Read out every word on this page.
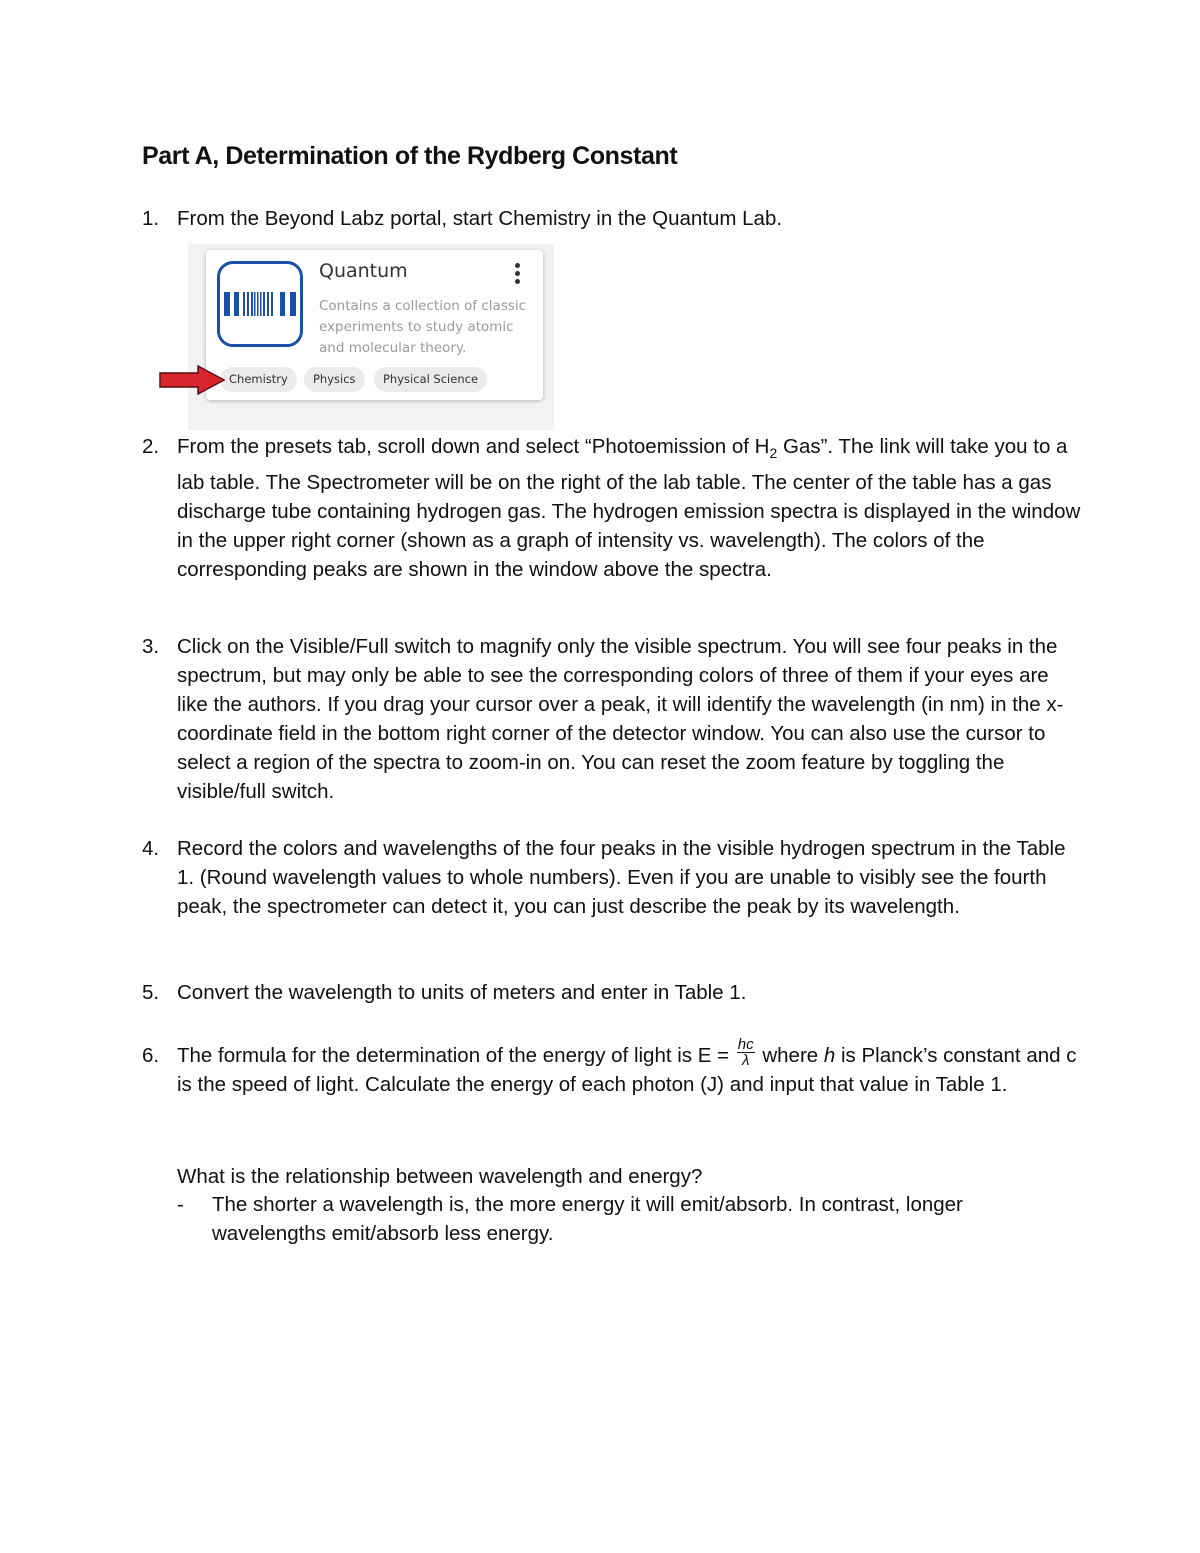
Part A, Determination of the Rydberg Constant
1. From the Beyond Labz portal, start Chemistry in the Quantum Lab.

Quantum
Contains a collection of classic experiments to study atomic and molecular theory.
Chemistry	Physics	Physical Science
2. From the presets tab, scroll down and select “Photoemission of $H_2$ Gas”. The link will take you to a lab table. The Spectrometer will be on the right of the lab table. The center of the table has a gas discharge tube containing hydrogen gas. The hydrogen emission spectra is displayed in the window in the upper right corner (shown as a graph of intensity vs. wavelength). The colors of the corresponding peaks are shown in the window above the spectra.

3. Click on the Visible/Full switch to magnify only the visible spectrum. You will see four peaks in the spectrum, but may only be able to see the corresponding colors of three of them if your eyes are like the authors. If you drag your cursor over a peak, it will identify the wavelength (in nm) in the x-coordinate field in the bottom right corner of the detector window. You can also use the cursor to select a region of the spectra to zoom-in on. You can reset the zoom feature by toggling the visible/full switch.

4. Record the colors and wavelengths of the four peaks in the visible hydrogen spectrum in the Table 1. (Round wavelength values to whole numbers). Even if you are unable to visibly see the fourth peak, the spectrometer can detect it, you can just describe the peak by its wavelength.

5. Convert the wavelength to units of meters and enter in Table 1.

6. The formula for the determination of the energy of light is $E = \frac{hc}{\lambda}$ where h is Planck’s constant and c is the speed of light. Calculate the energy of each photon (J) and input that value in Table 1.

What is the relationship between wavelength and energy?

- The shorter a wavelength is, the more energy it will emit/absorb. In contrast, longer wavelengths emit/absorb less energy.
